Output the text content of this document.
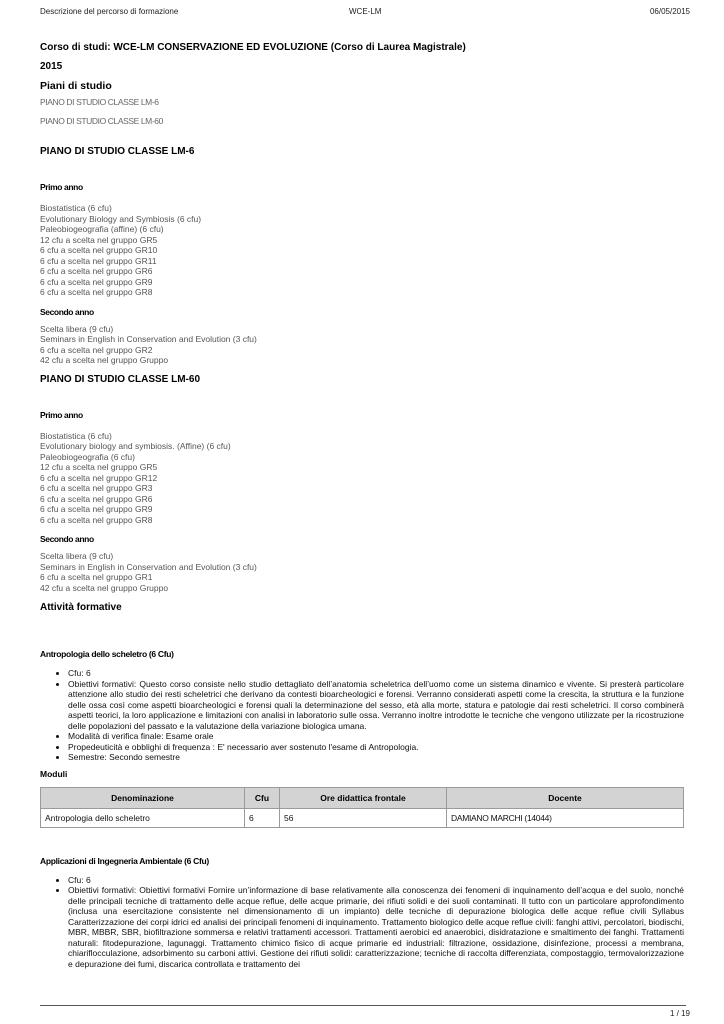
Descrizione del percorso di formazione	WCE-LM	06/05/2015
Corso di studi: WCE-LM CONSERVAZIONE ED EVOLUZIONE (Corso di Laurea Magistrale)
2015
Piani di studio
PIANO DI STUDIO CLASSE LM-6
PIANO DI STUDIO CLASSE LM-60
PIANO DI STUDIO CLASSE LM-6
Primo anno
Biostatistica (6 cfu)
Evolutionary Biology and Symbiosis (6 cfu)
Paleobiogeografia (affine) (6 cfu)
12 cfu a scelta nel gruppo GR5
6 cfu a scelta nel gruppo GR10
6 cfu a scelta nel gruppo GR11
6 cfu a scelta nel gruppo GR6
6 cfu a scelta nel gruppo GR9
6 cfu a scelta nel gruppo GR8
Secondo anno
Scelta libera (9 cfu)
Seminars in English in Conservation and Evolution (3 cfu)
6 cfu a scelta nel gruppo GR2
42 cfu a scelta nel gruppo Gruppo
PIANO DI STUDIO CLASSE LM-60
Primo anno
Biostatistica (6 cfu)
Evolutionary biology and symbiosis. (Affine) (6 cfu)
Paleobiogeografia (6 cfu)
12 cfu a scelta nel gruppo GR5
6 cfu a scelta nel gruppo GR12
6 cfu a scelta nel gruppo GR3
6 cfu a scelta nel gruppo GR6
6 cfu a scelta nel gruppo GR9
6 cfu a scelta nel gruppo GR8
Secondo anno
Scelta libera (9 cfu)
Seminars in English in Conservation and Evolution (3 cfu)
6 cfu a scelta nel gruppo GR1
42 cfu a scelta nel gruppo Gruppo
Attività formative
Antropologia dello scheletro (6 Cfu)
• Cfu: 6
• Obiettivi formativi: Questo corso consiste nello studio dettagliato dell’anatomia scheletrica dell’uomo come un sistema dinamico e vivente. Si presterà particolare attenzione allo studio dei resti scheletrici che derivano da contesti bioarcheologici e forensi. Verranno considerati aspetti come la crescita, la struttura e la funzione delle ossa così come aspetti bioarcheologici e forensi quali la determinazione del sesso, età alla morte, statura e patologie dai resti scheletrici. Il corso combinerà aspetti teorici, la loro applicazione e limitazioni con analisi in laboratorio sulle ossa. Verranno inoltre introdotte le tecniche che vengono utilizzate per la ricostruzione delle popolazioni del passato e la valutazione della variazione biologica umana.
• Modalità di verifica finale: Esame orale
• Propedeuticità e obblighi di frequenza : E' necessario aver sostenuto l'esame di Antropologia.
• Semestre: Secondo semestre
Moduli
Denominazione	Cfu	Ore didattica frontale	Docente
Antropologia dello scheletro	6	56	DAMIANO MARCHI (14044)
Applicazioni di Ingegneria Ambientale (6 Cfu)
• Cfu: 6
• Obiettivi formativi: Obiettivi formativi Fornire un’informazione di base relativamente alla conoscenza dei fenomeni di inquinamento dell’acqua e del suolo, nonché delle principali tecniche di trattamento delle acque reflue, delle acque primarie, dei rifiuti solidi e dei suoli contaminati. Il tutto con un particolare approfondimento (inclusa una esercitazione consistente nel dimensionamento di un impianto) delle tecniche di depurazione biologica delle acque reflue civili Syllabus Caratterizzazione dei corpi idrici ed analisi dei principali fenomeni di inquinamento. Trattamento biologico delle acque reflue civili: fanghi attivi, percolatori, biodischi, MBR, MBBR, SBR, biofiltrazione sommersa e relativi trattamenti accessori. Trattamenti aerobici ed anaerobici, disidratazione e smaltimento dei fanghi. Trattamenti naturali: fitodepurazione, lagunaggi. Trattamento chimico fisico di acque primarie ed industriali: filtrazione, ossidazione, disinfezione, processi a membrana, chiariflocculazione, adsorbimento su carboni attivi. Gestione dei rifiuti solidi: caratterizzazione; tecniche di raccolta differenziata, compostaggio, termovalorizzazione e depurazione dei fumi, discarica controllata e trattamento dei
1 / 19
